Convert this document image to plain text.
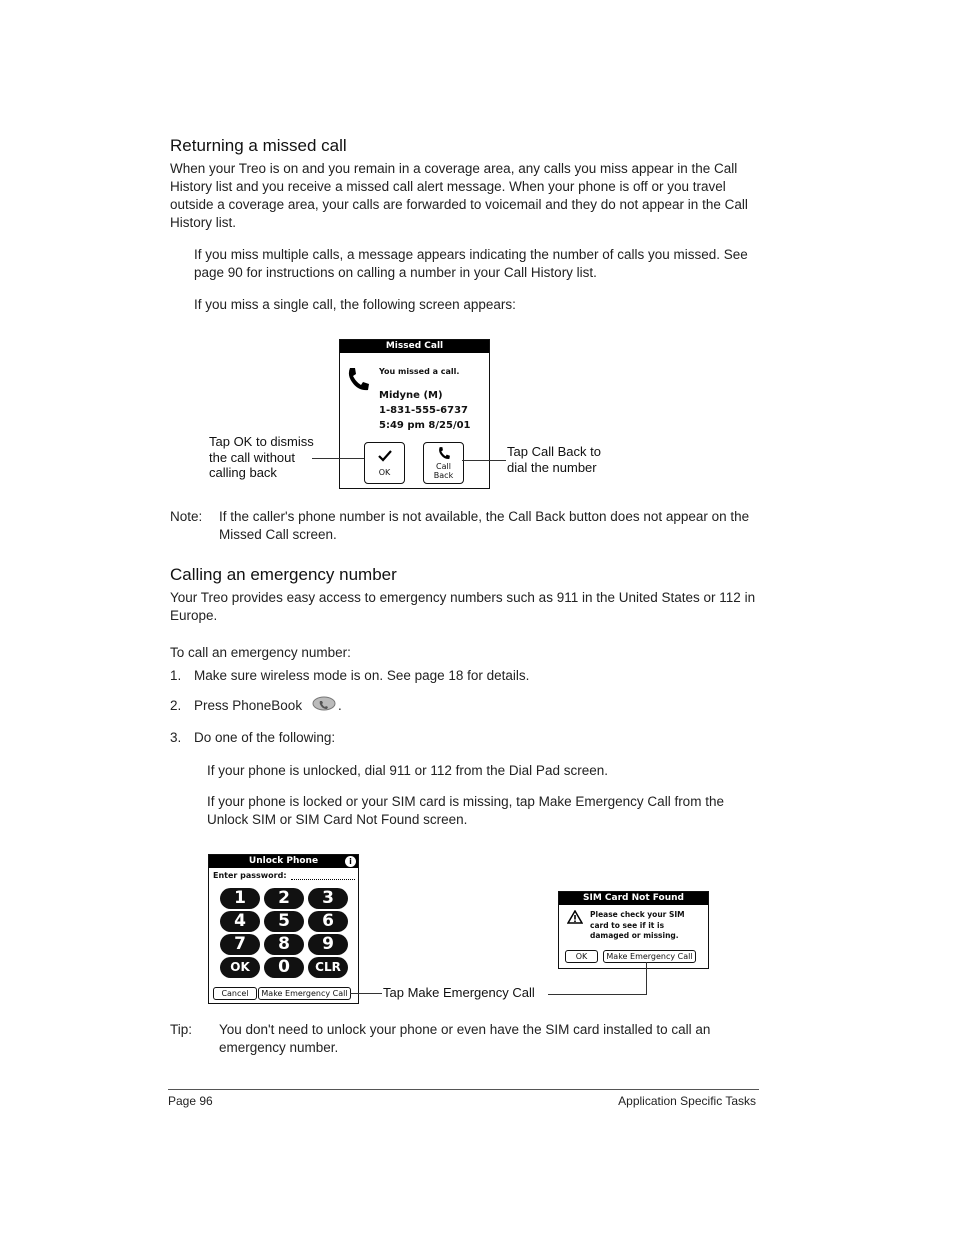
Returning a missed call
When your Treo is on and you remain in a coverage area, any calls you miss appear in the Call History list and you receive a missed call alert message. When your phone is off or you travel outside a coverage area, your calls are forwarded to voicemail and they do not appear in the Call History list.
If you miss multiple calls, a message appears indicating the number of calls you missed. See page 90 for instructions on calling a number in your Call History list.
If you miss a single call, the following screen appears:
Missed Call
You missed a call.
Midyne (M)
1-831-555-6737
5:49 pm 8/25/01
OK
Call
Back
Tap OK to dismiss the call without calling back
Tap Call Back to dial the number
Note: If the caller's phone number is not available, the Call Back button does not appear on the Missed Call screen.
Calling an emergency number
Your Treo provides easy access to emergency numbers such as 911 in the United States or 112 in Europe.
To call an emergency number:
1. Make sure wireless mode is on. See page 18 for details.
2. Press PhoneBook	.
3. Do one of the following:
If your phone is unlocked, dial 911 or 112 from the Dial Pad screen.
If your phone is locked or your SIM card is missing, tap Make Emergency Call from the Unlock SIM or SIM Card Not Found screen.
Unlock Phone	i
Enter password:
1	2	3
4	5	6
7	8	9
OK	0	CLR
Cancel	Make Emergency Call
SIM Card Not Found
Please check your SIM card to see if it is damaged or missing.
OK	Make Emergency Call
Tap Make Emergency Call
Tip: You don't need to unlock your phone or even have the SIM card installed to call an emergency number.
Page 96	Application Specific Tasks
